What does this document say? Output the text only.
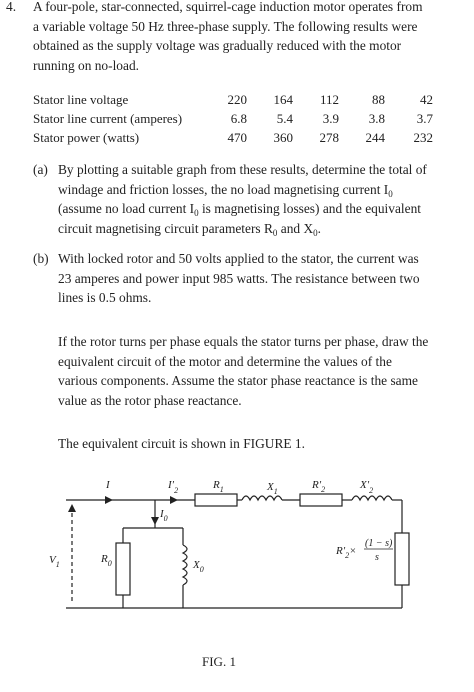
4. A four-pole, star-connected, squirrel-cage induction motor operates from
a variable voltage 50 Hz three-phase supply. The following results were
obtained as the supply voltage was gradually reduced with the motor
running on no-load.
Stator line voltage	220	164	112	88	42
Stator line current (amperes)	6.8	5.4	3.9	3.8	3.7
Stator power (watts)	470	360	278	244	232
(a) By plotting a suitable graph from these results, determine the total of
windage and friction losses, the no load magnetising current $I_0$
(assume no load current $I_0$ is magnetising losses) and the equivalent
circuit magnetising circuit parameters $R_0$ and $X_0$.
(b) With locked rotor and 50 volts applied to the stator, the current was
23 amperes and power input 985 watts. The resistance between two
lines is 0.5 ohms.
If the rotor turns per phase equals the stator turns per phase, draw the
equivalent circuit of the motor and determine the values of the
various components. Assume the stator phase reactance is the same
value as the rotor phase reactance.
The equivalent circuit is shown in FIGURE 1.
I	$I'_2$
$I_0$
$R_1$	$X_1$
$R'_2$	$X'_2$
$V_1$	$R_0$	$X_0$
$R'_2\times$
(1 − s)
s
FIG. 1
